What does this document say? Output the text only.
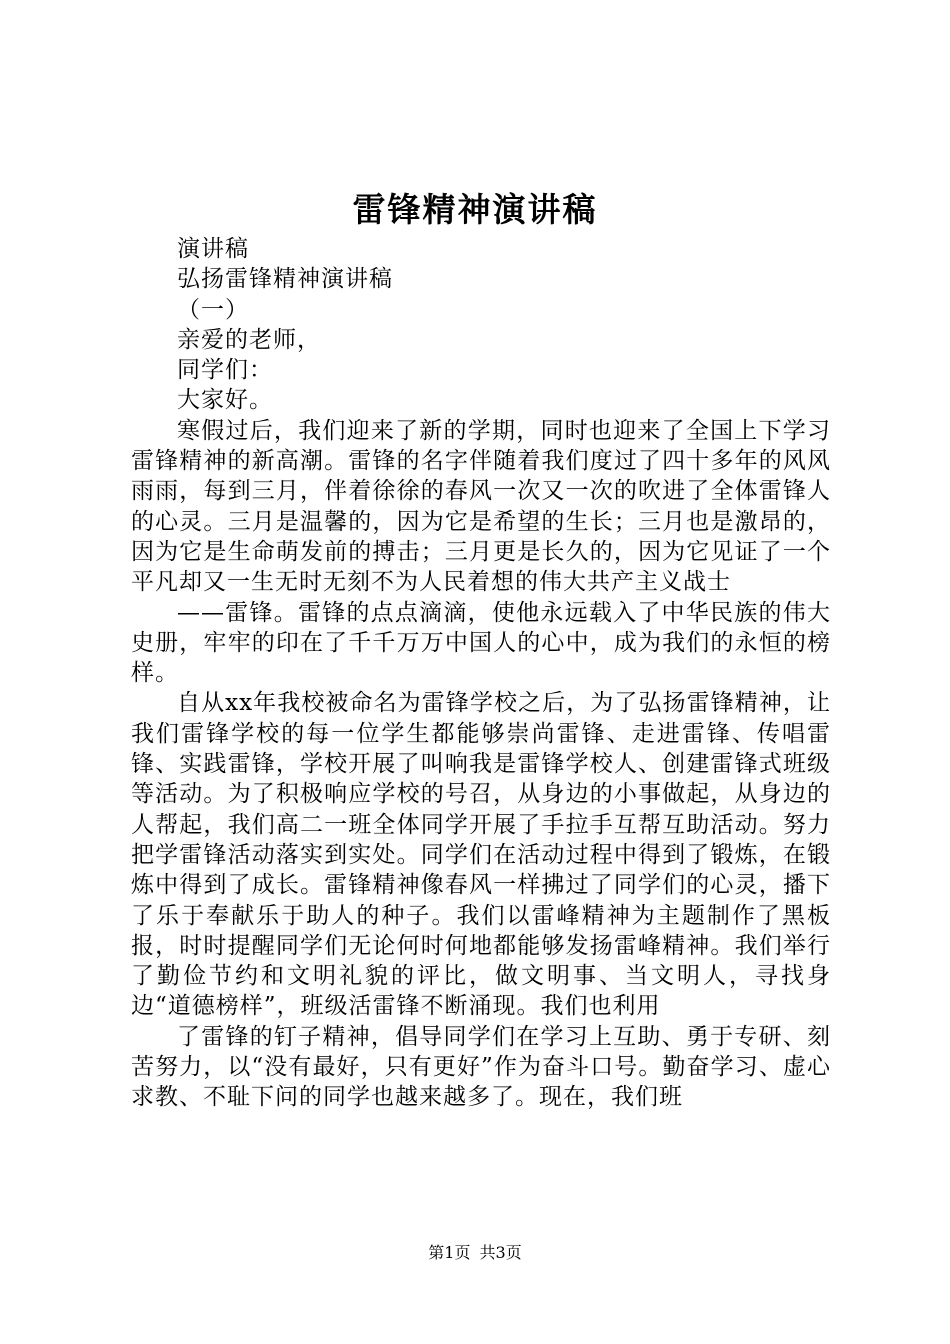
雷锋精神演讲稿

演讲稿

弘扬雷锋精神演讲稿

（一）

亲爱的老师，

同学们：

大家好。

寒假过后，我们迎来了新的学期，同时也迎来了全国上下学习雷锋精神的新高潮。雷锋的名字伴随着我们度过了四十多年的风风雨雨，每到三月，伴着徐徐的春风一次又一次的吹进了全体雷锋人的心灵。三月是温馨的，因为它是希望的生长；三月也是激昂的，因为它是生命萌发前的搏击；三月更是长久的，因为它见证了一个平凡却又一生无时无刻不为人民着想的伟大共产主义战士

——雷锋。雷锋的点点滴滴，使他永远载入了中华民族的伟大史册，牢牢的印在了千千万万中国人的心中，成为我们的永恒的榜样。

自从xx年我校被命名为雷锋学校之后，为了弘扬雷锋精神，让我们雷锋学校的每一位学生都能够崇尚雷锋、走进雷锋、传唱雷锋、实践雷锋，学校开展了叫响我是雷锋学校人、创建雷锋式班级等活动。为了积极响应学校的号召，从身边的小事做起，从身边的人帮起，我们高二一班全体同学开展了手拉手互帮互助活动。努力把学雷锋活动落实到实处。同学们在活动过程中得到了锻炼，在锻炼中得到了成长。雷锋精神像春风一样拂过了同学们的心灵，播下了乐于奉献乐于助人的种子。我们以雷峰精神为主题制作了黑板报，时时提醒同学们无论何时何地都能够发扬雷峰精神。我们举行了勤俭节约和文明礼貌的评比，做文明事、当文明人，寻找身边“道德榜样”，班级活雷锋不断涌现。我们也利用

了雷锋的钉子精神，倡导同学们在学习上互助、勇于专研、刻苦努力，以“没有最好，只有更好”作为奋斗口号。勤奋学习、虚心求教、不耻下问的同学也越来越多了。现在，我们班

第1页 共3页
